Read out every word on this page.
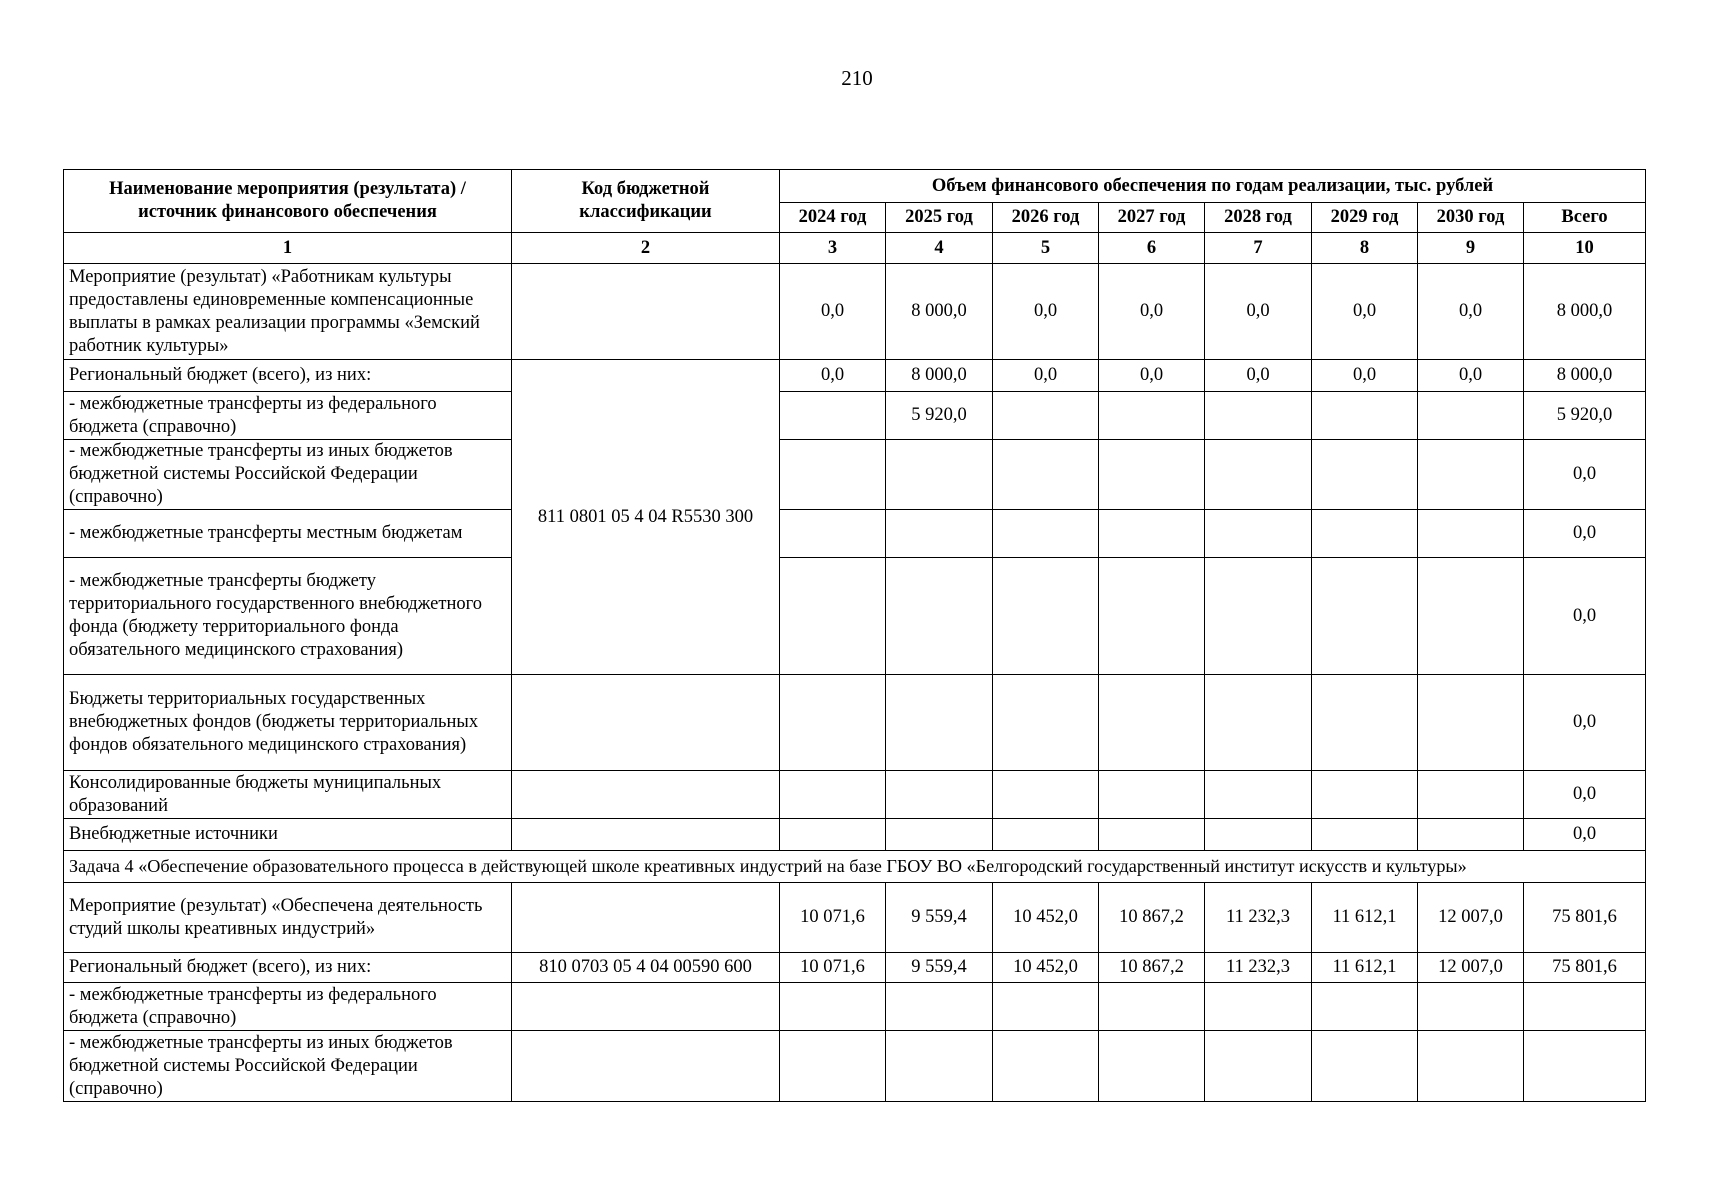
210
Наименование мероприятия (результата) / источник финансового обеспечения	Код бюджетной классификации	Объем финансового обеспечения по годам реализации, тыс. рублей							
		2024 год	2025 год	2026 год	2027 год	2028 год	2029 год	2030 год	Всего
1	2	3	4	5	6	7	8	9	10
Мероприятие (результат) «Работникам культуры предоставлены единовременные компенсационные выплаты в рамках реализации программы «Земский работник культуры»		0,0	8 000,0	0,0	0,0	0,0	0,0	0,0	8 000,0
Региональный бюджет (всего), из них:	811 0801 05 4 04 R5530 300	0,0	8 000,0	0,0	0,0	0,0	0,0	0,0	8 000,0
- межбюджетные трансферты из федерального бюджета (справочно)			5 920,0						5 920,0
- межбюджетные трансферты из иных бюджетов бюджетной системы Российской Федерации (справочно)									0,0
- межбюджетные трансферты местным бюджетам									0,0
- межбюджетные трансферты бюджету территориального государственного внебюджетного фонда (бюджету территориального фонда обязательного медицинского страхования)									0,0
Бюджеты территориальных государственных внебюджетных фондов (бюджеты территориальных фондов обязательного медицинского страхования)									0,0
Консолидированные бюджеты муниципальных образований									0,0
Внебюджетные источники									0,0
Задача 4 «Обеспечение образовательного процесса в действующей школе креативных индустрий на базе ГБОУ ВО «Белгородский государственный институт искусств и культуры»									
Мероприятие (результат) «Обеспечена деятельность студий школы креативных индустрий»		10 071,6	9 559,4	10 452,0	10 867,2	11 232,3	11 612,1	12 007,0	75 801,6
Региональный бюджет (всего), из них:	810 0703 05 4 04 00590 600	10 071,6	9 559,4	10 452,0	10 867,2	11 232,3	11 612,1	12 007,0	75 801,6
- межбюджетные трансферты из федерального бюджета (справочно)									
- межбюджетные трансферты из иных бюджетов бюджетной системы Российской Федерации (справочно)									
